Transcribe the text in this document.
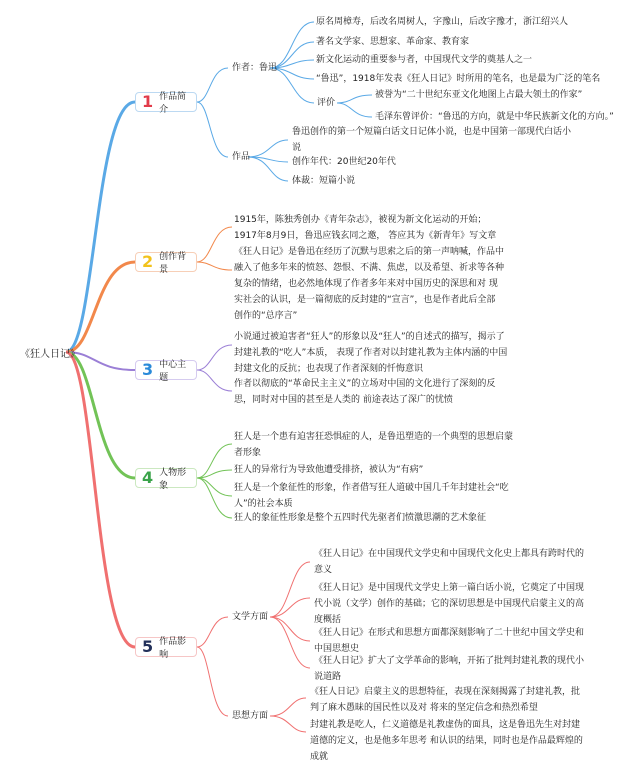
《狂人日记》
1 作品简介
2 创作背景
3 中心主题
4 人物形象
5 作品影响
作者：鲁迅
原名周樟寿，后改名周树人，字豫山，后改字豫才，浙江绍兴人
著名文学家、思想家、革命家、教育家
新文化运动的重要参与者，中国现代文学的奠基人之一
“鲁迅”，1918年发表《狂人日记》时所用的笔名，也是最为广泛的笔名
评价
被誉为“二十世纪东亚文化地图上占最大领土的作家”
毛泽东曾评价：“鲁迅的方向，就是中华民族新文化的方向。”
作品
鲁迅创作的第一个短篇白话文日记体小说，也是中国第一部现代白话小说
创作年代：20世纪20年代
体裁：短篇小说
1915年，陈独秀创办《青年杂志》，被视为新文化运动的开始；1917年8月9日，鲁迅应钱玄同之邀， 答应其为《新青年》写文章
《狂人日记》是鲁迅在经历了沉默与思索之后的第一声呐喊，作品中融入了他多年来的愤怒、怨恨、不满、焦虑，以及希望、祈求等各种复杂的情绪，也必然地体现了作者多年来对中国历史的深思和对 现实社会的认识，是一篇彻底的反封建的“宣言”，也是作者此后全部创作的“总序言”
小说通过被迫害者“狂人”的形象以及“狂人”的自述式的描写，揭示了封建礼教的“吃人”本质， 表现了作者对以封建礼教为主体内涵的中国封建文化的反抗；也表现了作者深刻的忏悔意识
作者以彻底的“革命民主主义”的立场对中国的文化进行了深刻的反思，同时对中国的甚至是人类的 前途表达了深广的忧愤
狂人是一个患有迫害狂恐惧症的人，是鲁迅塑造的一个典型的思想启蒙者形象
狂人的异常行为导致他遭受排挤，被认为“有病”
狂人是一个象征性的形象，作者借写狂人道破中国几千年封建社会“吃人”的社会本质
狂人的象征性形象是整个五四时代先驱者们愤激思潮的艺术象征
文学方面
《狂人日记》在中国现代文学史和中国现代文化史上都具有跨时代的意义
《狂人日记》是中国现代文学史上第一篇白话小说，它奠定了中国现代小说（文学）创作的基础；它的深切思想是中国现代启蒙主义的高度概括
《狂人日记》在形式和思想方面都深刻影响了二十世纪中国文学史和中国思想史
《狂人日记》扩大了文学革命的影响，开拓了批判封建礼教的现代小说道路
思想方面
《狂人日记》启蒙主义的思想特征，表现在深刻揭露了封建礼教，批判了麻木愚昧的国民性以及对 将来的坚定信念和热烈希望
封建礼教是吃人，仁义道德是礼教虚伪的面具，这是鲁迅先生对封建道德的定义，也是他多年思考 和认识的结果，同时也是作品最辉煌的成就
